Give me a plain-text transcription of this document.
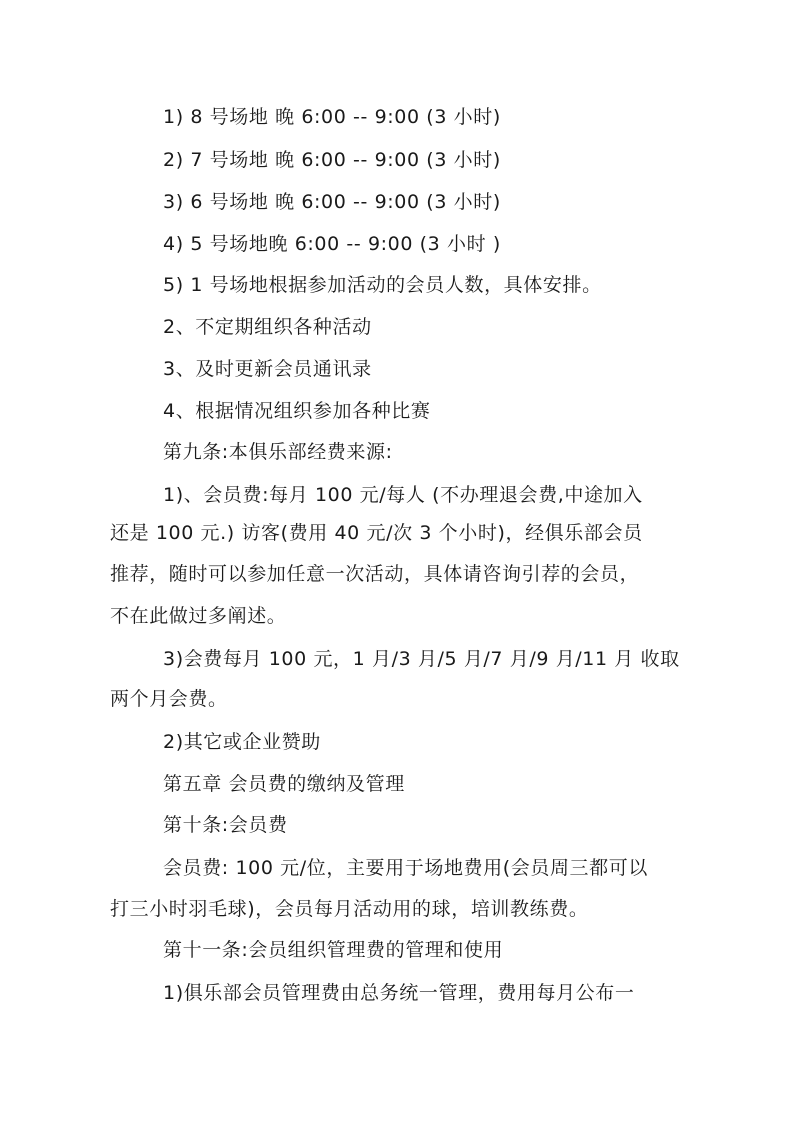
1) 8 号场地 晚 6:00 -- 9:00 (3 小时)
2) 7 号场地 晚 6:00 -- 9:00 (3 小时)
3) 6 号场地 晚 6:00 -- 9:00 (3 小时)
4) 5 号场地晚 6:00 -- 9:00 (3 小时 )
5) 1 号场地根据参加活动的会员人数，具体安排。
2、不定期组织各种活动
3、及时更新会员通讯录
4、根据情况组织参加各种比赛
第九条:本俱乐部经费来源:
1)、会员费:每月 100 元/每人 (不办理退会费,中途加入
还是 100 元.) 访客(费用 40 元/次 3 个小时)，经俱乐部会员
推荐，随时可以参加任意一次活动，具体请咨询引荐的会员，
不在此做过多阐述。
3)会费每月 100 元，1 月/3 月/5 月/7 月/9 月/11 月 收取
两个月会费。
2)其它或企业赞助
第五章 会员费的缴纳及管理
第十条:会员费
会员费: 100 元/位，主要用于场地费用(会员周三都可以
打三小时羽毛球)，会员每月活动用的球，培训教练费。
第十一条:会员组织管理费的管理和使用
1)俱乐部会员管理费由总务统一管理，费用每月公布一
